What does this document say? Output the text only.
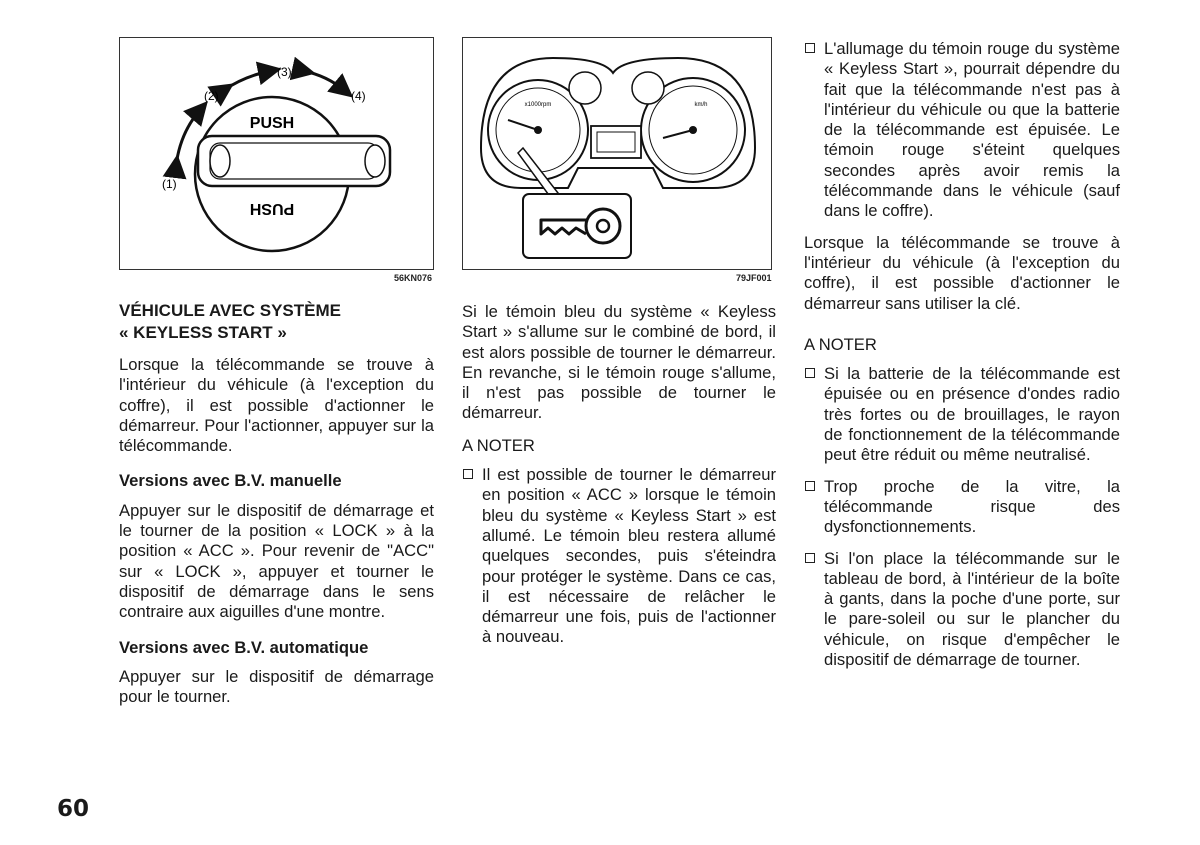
(1)
(2)
(3)
(4)
PUSH
PUSH
56KN076
x1000rpm	km/h
79JF001

VÉHICULE AVEC SYSTÈME

« KEYLESS START »

Lorsque la télécommande se trouve à l'intérieur du véhicule (à l'exception du coffre), il est possible d'actionner le démarreur. Pour l'actionner, appuyer sur la télécommande.

Versions avec B.V. manuelle

Appuyer sur le dispositif de démarrage et le tourner de la position « LOCK » à la position « ACC ». Pour revenir de "ACC" sur « LOCK », appuyer et tourner le dispositif de démarrage dans le sens contraire aux aiguilles d'une montre.

Versions avec B.V. automatique

Appuyer sur le dispositif de démarrage pour le tourner.

Si le témoin bleu du système « Keyless Start » s'allume sur le combiné de bord, il est alors possible de tourner le démarreur. En revanche, si le témoin rouge s'allume, il n'est pas possible de tourner le démarreur.

A NOTER

Il est possible de tourner le démarreur en position « ACC » lorsque le témoin bleu du système « Keyless Start » est allumé. Le témoin bleu restera allumé quelques secondes, puis s'éteindra pour protéger le système. Dans ce cas, il est nécessaire de relâcher le démarreur une fois, puis de l'actionner à nouveau.
L'allumage du témoin rouge du système « Keyless Start », pourrait dépendre du fait que la télécommande n'est pas à l'intérieur du véhicule ou que la batterie de la télécommande est épuisée. Le témoin rouge s'éteint quelques secondes après avoir remis la télécommande dans le véhicule (sauf dans le coffre).

Lorsque la télécommande se trouve à l'intérieur du véhicule (à l'exception du coffre), il est possible d'actionner le démarreur sans utiliser la clé.

A NOTER

Si la batterie de la télécommande est épuisée ou en présence d'ondes radio très fortes ou de brouillages, le rayon de fonctionnement de la télécommande peut être réduit ou même neutralisé.
Trop proche de la vitre, la télécommande risque des dysfonctionnements.
Si l'on place la télécommande sur le tableau de bord, à l'intérieur de la boîte à gants, dans la poche d'une porte, sur le pare-soleil ou sur le plancher du véhicule, on risque d'empêcher le dispositif de démarrage de tourner.
60
